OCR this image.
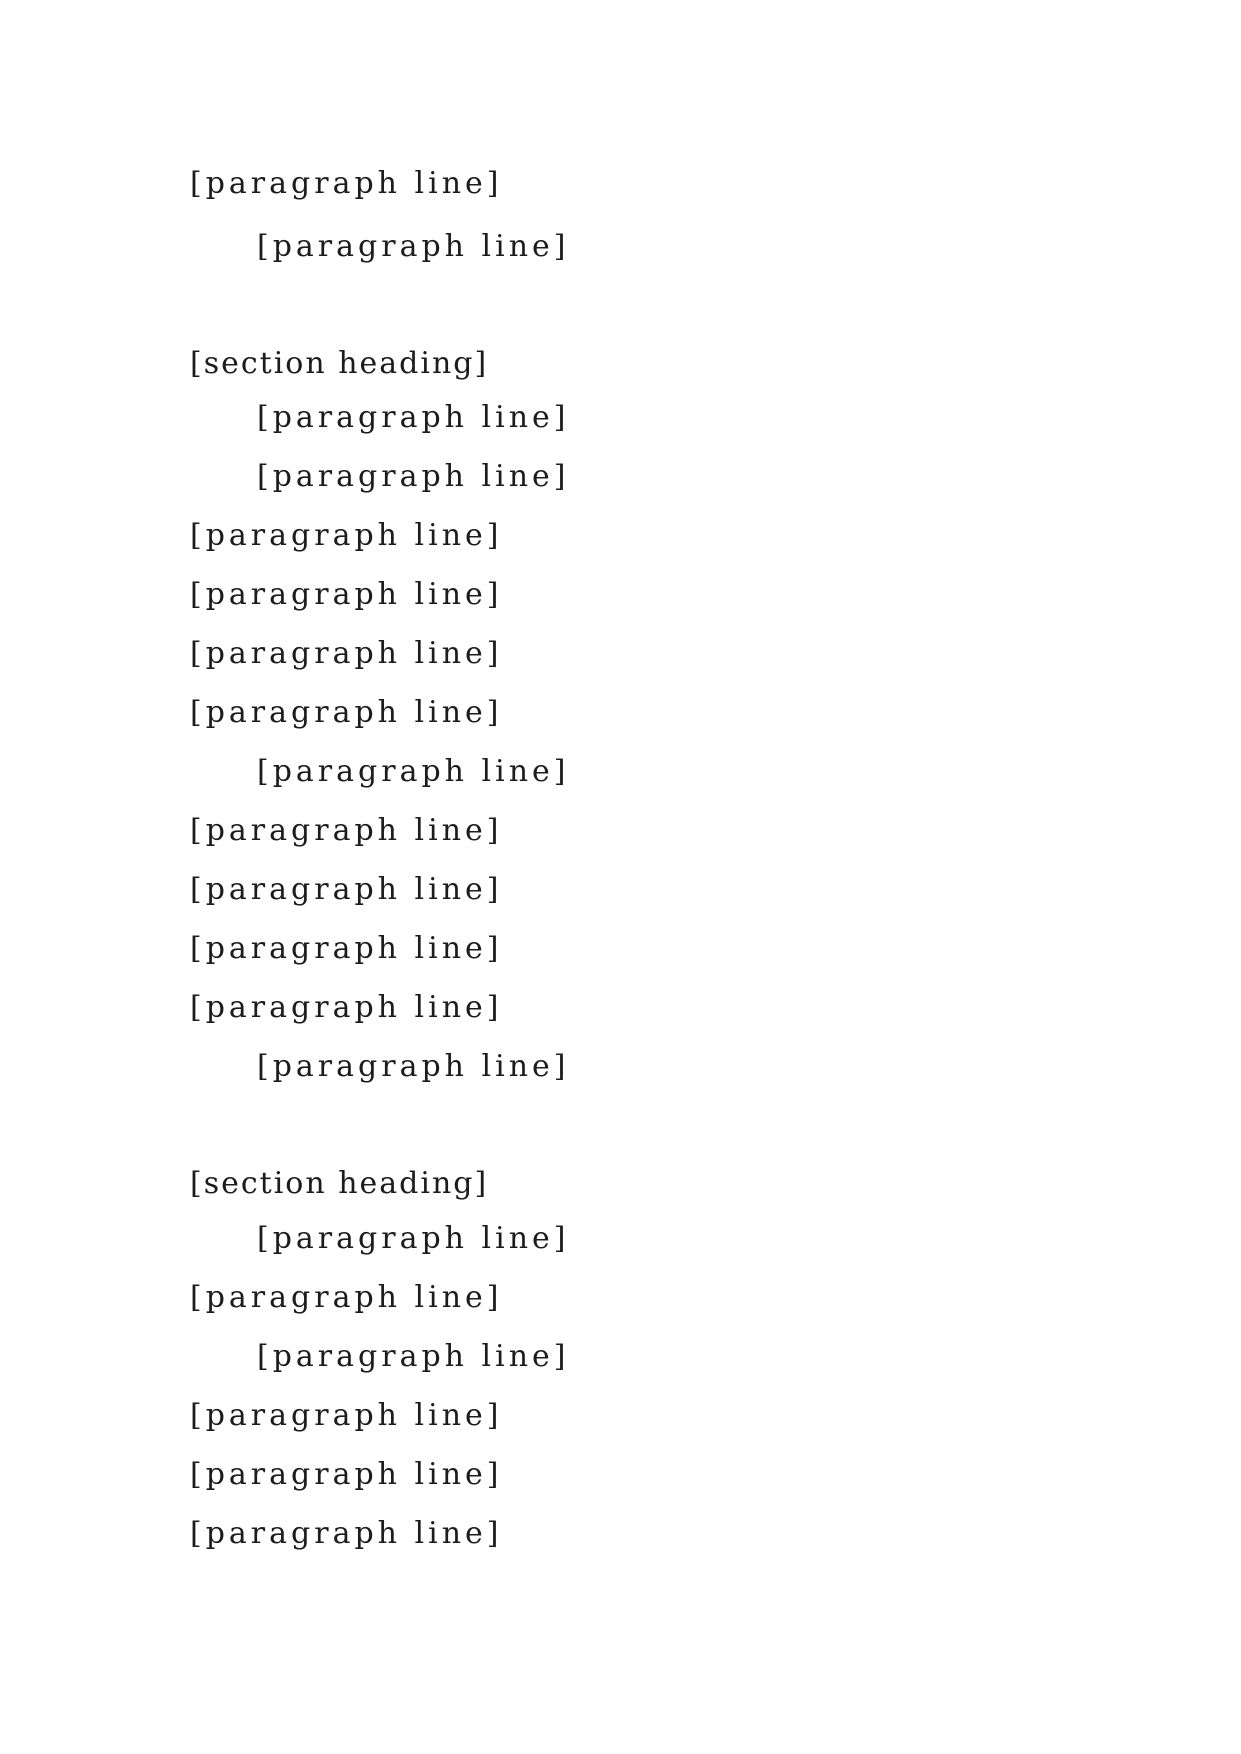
[paragraph line]
[paragraph line]
[section heading]
[paragraph line]
[paragraph line]
[paragraph line]
[paragraph line]
[paragraph line]
[paragraph line]
[paragraph line]
[paragraph line]
[paragraph line]
[paragraph line]
[paragraph line]
[paragraph line]
[section heading]
[paragraph line]
[paragraph line]
[paragraph line]
[paragraph line]
[paragraph line]
[paragraph line]
